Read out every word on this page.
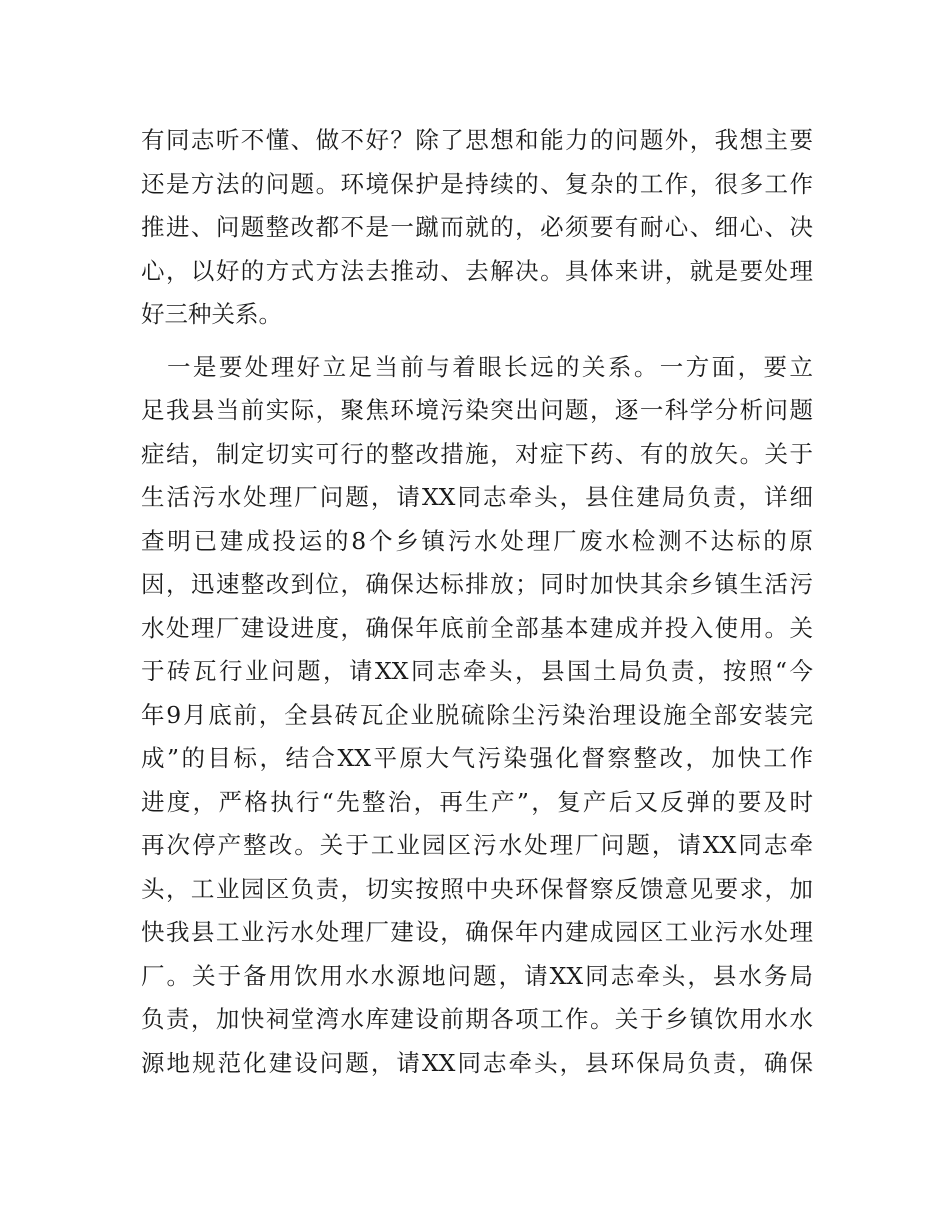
有同志听不懂、做不好？除了思想和能力的问题外，我想主要
还是方法的问题。环境保护是持续的、复杂的工作，很多工作
推进、问题整改都不是一蹴而就的，必须要有耐心、细心、决
心，以好的方式方法去推动、去解决。具体来讲，就是要处理
好三种关系。
　一是要处理好立足当前与着眼长远的关系。一方面，要立
足我县当前实际，聚焦环境污染突出问题，逐一科学分析问题
症结，制定切实可行的整改措施，对症下药、有的放矢。关于
生活污水处理厂问题，请XX同志牵头，县住建局负责，详细
查明已建成投运的8个乡镇污水处理厂废水检测不达标的原
因，迅速整改到位，确保达标排放；同时加快其余乡镇生活污
水处理厂建设进度，确保年底前全部基本建成并投入使用。关
于砖瓦行业问题，请XX同志牵头，县国土局负责，按照“今
年9月底前，全县砖瓦企业脱硫除尘污染治理设施全部安装完
成”的目标，结合XX平原大气污染强化督察整改，加快工作
进度，严格执行“先整治，再生产”，复产后又反弹的要及时
再次停产整改。关于工业园区污水处理厂问题，请XX同志牵
头，工业园区负责，切实按照中央环保督察反馈意见要求，加
快我县工业污水处理厂建设，确保年内建成园区工业污水处理
厂。关于备用饮用水水源地问题，请XX同志牵头，县水务局
负责，加快祠堂湾水库建设前期各项工作。关于乡镇饮用水水
源地规范化建设问题，请XX同志牵头，县环保局负责，确保
